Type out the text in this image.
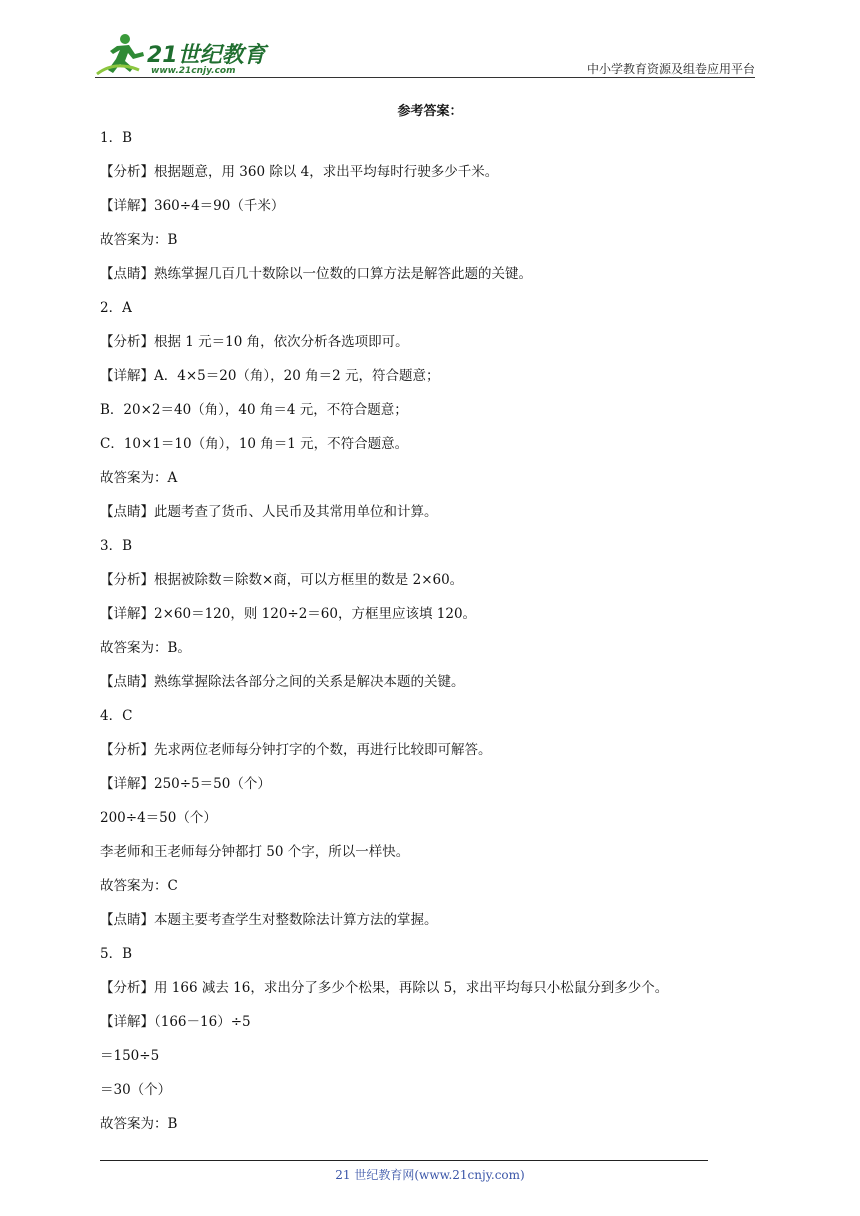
21世纪教育
www.21cnjy.com	中小学教育资源及组卷应用平台
参考答案：
1．B
【分析】根据题意，用 360 除以 4，求出平均每时行驶多少千米。
【详解】360÷4＝90（千米）
故答案为：B
【点睛】熟练掌握几百几十数除以一位数的口算方法是解答此题的关键。
2．A
【分析】根据 1 元＝10 角，依次分析各选项即可。
【详解】A．4×5＝20（角），20 角＝2 元，符合题意；
B．20×2＝40（角），40 角＝4 元，不符合题意；
C．10×1＝10（角），10 角＝1 元，不符合题意。
故答案为：A
【点睛】此题考查了货币、人民币及其常用单位和计算。
3．B
【分析】根据被除数＝除数×商，可以方框里的数是 2×60。
【详解】2×60＝120，则 120÷2＝60，方框里应该填 120。
故答案为：B。
【点睛】熟练掌握除法各部分之间的关系是解决本题的关键。
4．C
【分析】先求两位老师每分钟打字的个数，再进行比较即可解答。
【详解】250÷5＝50（个）
200÷4＝50（个）
李老师和王老师每分钟都打 50 个字，所以一样快。
故答案为：C
【点睛】本题主要考查学生对整数除法计算方法的掌握。
5．B
【分析】用 166 减去 16，求出分了多少个松果，再除以 5，求出平均每只小松鼠分到多少个。
【详解】（166－16）÷5
＝150÷5
＝30（个）
故答案为：B
21 世纪教育网(www.21cnjy.com)
